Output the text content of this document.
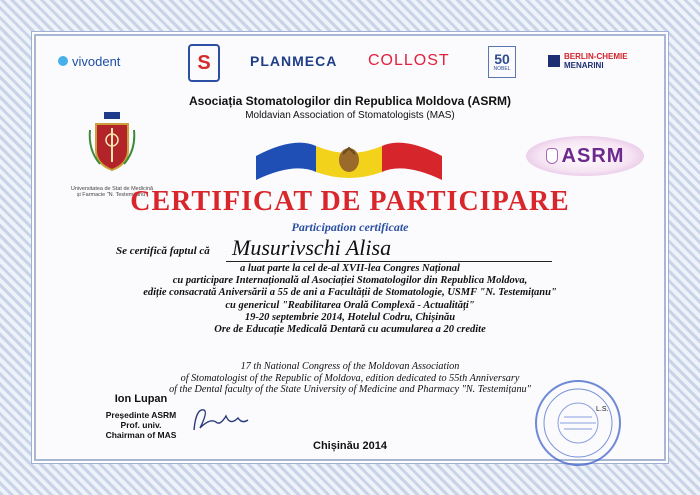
vivodent	S	PLANMECA COLLOST	50
NOBEL
BERLIN-CHEMIE
MENARINI
Asociația Stomatologilor din Republica Moldova (ASRM)
Moldavian Association of Stomatologists (MAS)
Universitatea de Stat de Medicină
și Farmacie "N. Testemițanu"
ASRM
CERTIFICAT DE PARTICIPARE
Participation certificate
Se certifică faptul că Musurivschi Alisa
a luat parte la cel de-al XVII-lea Congres Național
cu participare Internațională al Asociației Stomatologilor din Republica Moldova,
ediție consacrată Aniversării a 55 de ani a Facultății de Stomatologie, USMF "N. Testemițanu"
cu genericul "Reabilitarea Orală Complexă - Actualități"
19-20 septembrie 2014, Hotelul Codru, Chișinău
Ore de Educație Medicală Dentară cu acumularea a 20 credite
17 th National Congress of the Moldovan Association
of Stomatologist of the Republic of Moldova, edition dedicated to 55th Anniversary
of the Dental faculty of the State University of Medicine and Pharmacy "N. Testemițanu"
Ion Lupan
Președinte ASRM
Prof. univ.
Chairman of MAS
L.S.
Chișinău 2014
